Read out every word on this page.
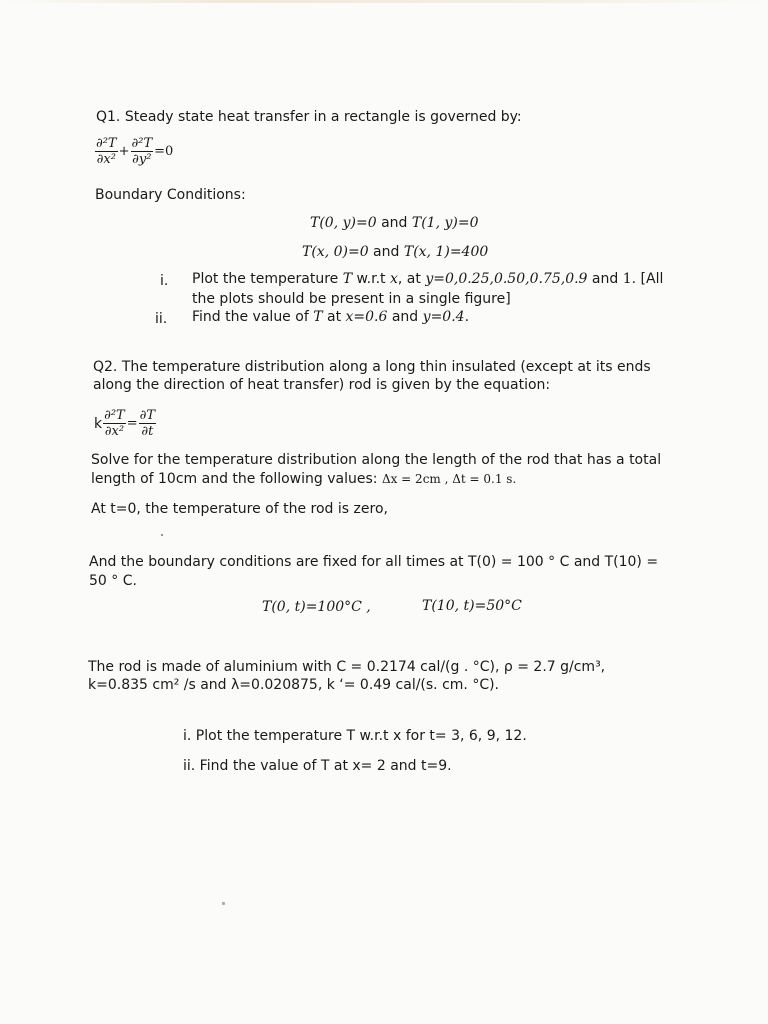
Q1. Steady state heat transfer in a rectangle is governed by:
$\frac{\text{∂²T}}{\text{∂x²}} + \frac{\text{∂²T}}{\text{∂y²}} =0$
Boundary Conditions:
T(0, y)=0 and T(1, y)=0
T(x, 0)=0 and T(x, 1)=400
i. Plot the temperature T w.r.t x, at y=0,0.25,0.50,0.75,0.9 and 1. [All
the plots should be present in a single figure]
ii. Find the value of T at x=0.6 and y=0.4.
Q2. The temperature distribution along a long thin insulated (except at its ends
along the direction of heat transfer) rod is given by the equation:
k $\frac{\text{∂²T}}{\text{∂x²}} = \frac{\partial T}{\partial t}$
Solve for the temperature distribution along the length of the rod that has a total
length of 10cm and the following values: Δx = 2cm , Δt = 0.1 s.
At t=0, the temperature of the rod is zero,
And the boundary conditions are fixed for all times at T(0) = 100 ° C and T(10) =
50 ° C.
T(0, t)=100°C ,	T(10, t)=50°C
The rod is made of aluminium with C = 0.2174 cal/(g . °C), ρ = 2.7 g/cm³,
k=0.835 cm² /s and λ=0.020875, k ‘= 0.49 cal/(s. cm. °C).
i. Plot the temperature T w.r.t x for t= 3, 6, 9, 12.
ii. Find the value of T at x= 2 and t=9.
